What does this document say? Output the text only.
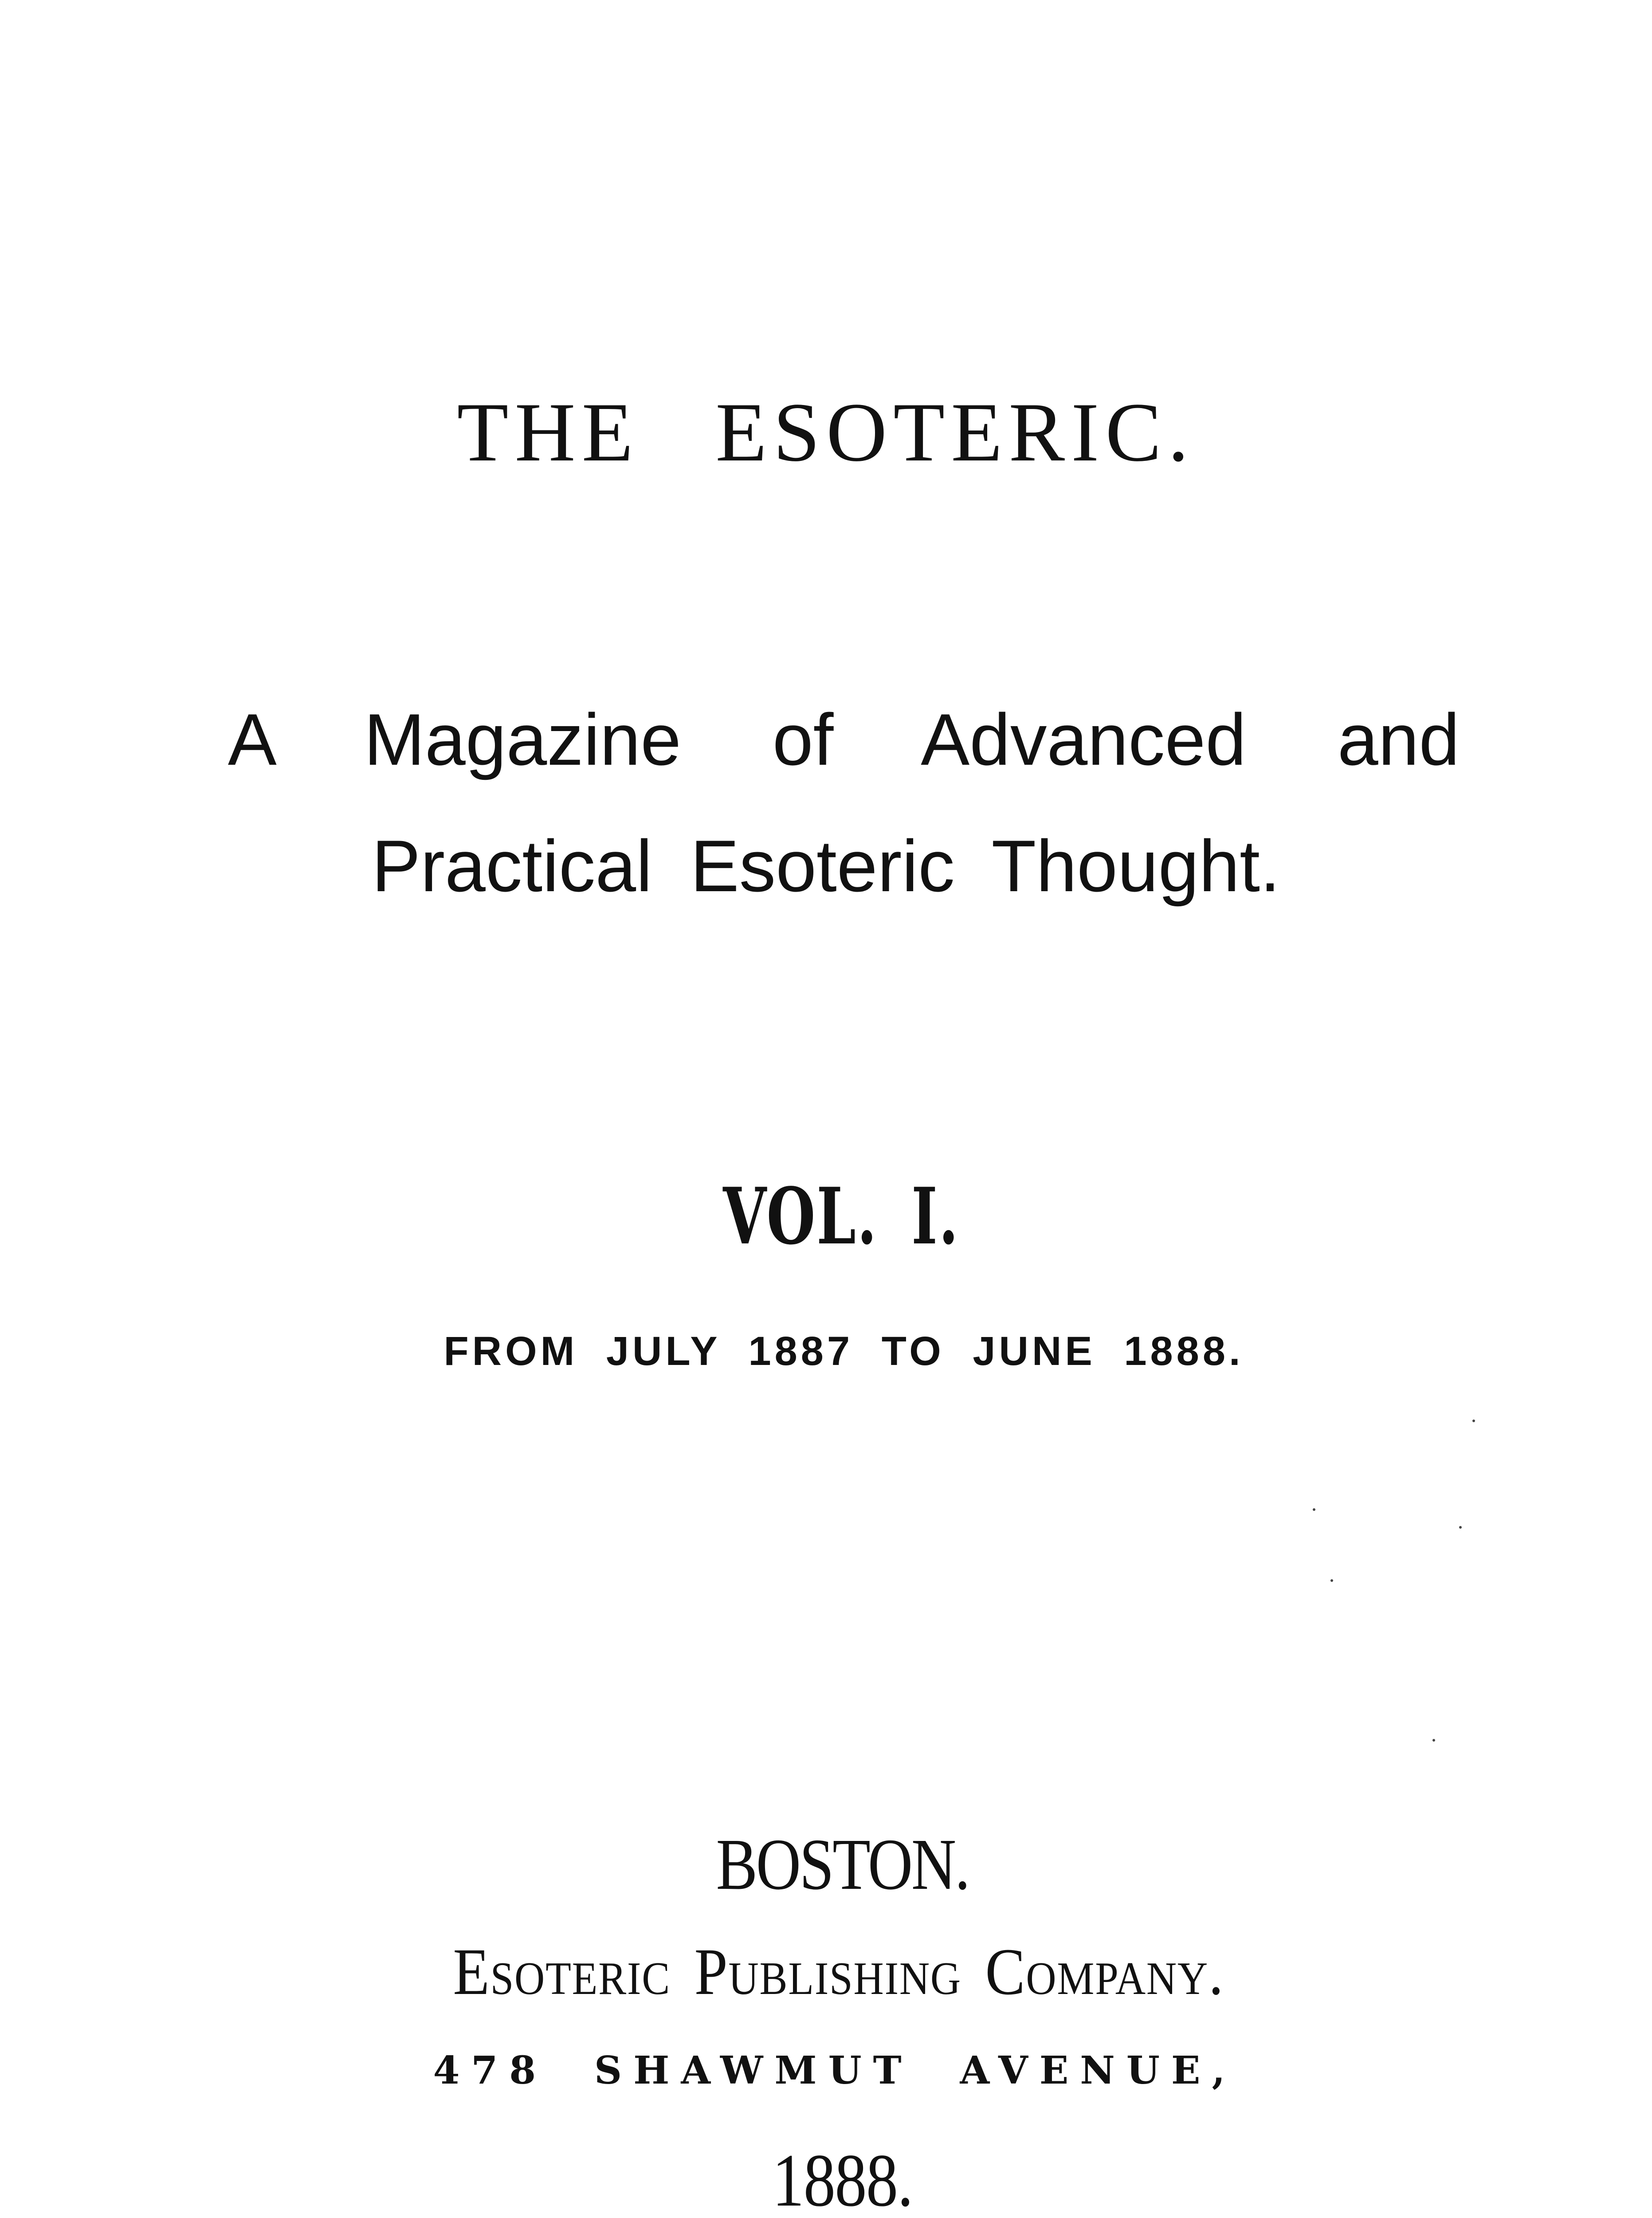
THE ESOTERIC.
A Magazine of Advanced and
Practical Esoteric Thought.
VOL. I.
FROM JULY 1887 TO JUNE 1888.
BOSTON.
Esoteric Publishing Company.
478 SHAWMUT AVENUE,
1888.
